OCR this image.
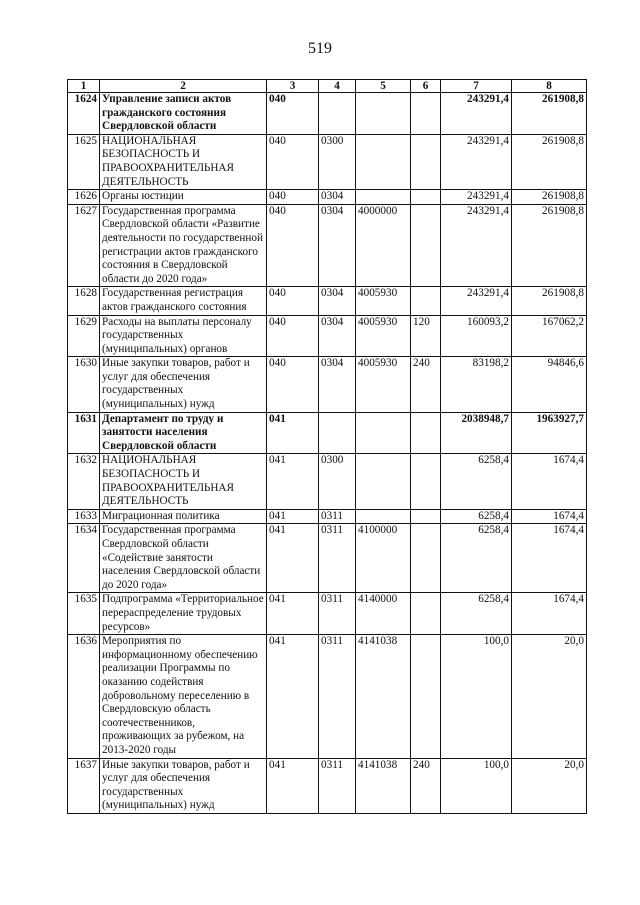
519
1	2	3	4	5	6	7	8
1624	Управление записи актов гражданского состояния Свердловской области	040				243291,4	261908,8
1625	НАЦИОНАЛЬНАЯ БЕЗОПАСНОСТЬ И ПРАВООХРАНИТЕЛЬНАЯ ДЕЯТЕЛЬНОСТЬ	040	0300			243291,4	261908,8
1626	Органы юстиции	040	0304			243291,4	261908,8
1627	Государственная программа Свердловской области «Развитие деятельности по государственной регистрации актов гражданского состояния в Свердловской области до 2020 года»	040	0304	4000000		243291,4	261908,8
1628	Государственная регистрация актов гражданского состояния	040	0304	4005930		243291,4	261908,8
1629	Расходы на выплаты персоналу государственных (муниципальных) органов	040	0304	4005930	120	160093,2	167062,2
1630	Иные закупки товаров, работ и услуг для обеспечения государственных (муниципальных) нужд	040	0304	4005930	240	83198,2	94846,6
1631	Департамент по труду и занятости населения Свердловской области	041				2038948,7	1963927,7
1632	НАЦИОНАЛЬНАЯ БЕЗОПАСНОСТЬ И ПРАВООХРАНИТЕЛЬНАЯ ДЕЯТЕЛЬНОСТЬ	041	0300			6258,4	1674,4
1633	Миграционная политика	041	0311			6258,4	1674,4
1634	Государственная программа Свердловской области «Содействие занятости населения Свердловской области до 2020 года»	041	0311	4100000		6258,4	1674,4
1635	Подпрограмма «Территориальное перераспределение трудовых ресурсов»	041	0311	4140000		6258,4	1674,4
1636	Мероприятия по информационному обеспечению реализации Программы по оказанию содействия добровольному переселению в Свердловскую область соотечественников, проживающих за рубежом, на 2013-2020 годы	041	0311	4141038		100,0	20,0
1637	Иные закупки товаров, работ и услуг для обеспечения государственных (муниципальных) нужд	041	0311	4141038	240	100,0	20,0
